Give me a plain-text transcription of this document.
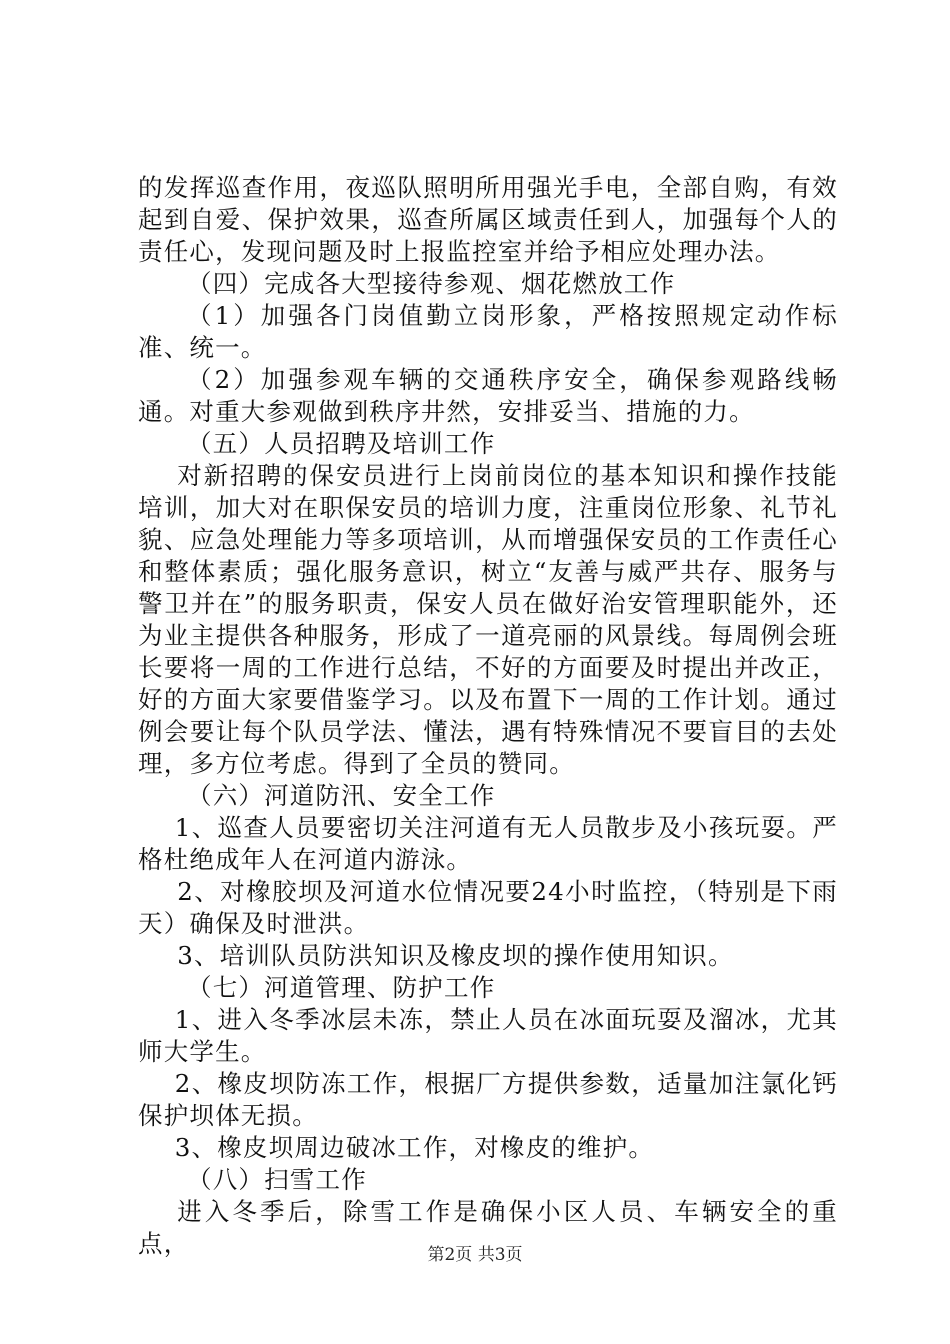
的发挥巡查作用，夜巡队照明所用强光手电，全部自购，有效起到自爱、保护效果，巡查所属区域责任到人，加强每个人的责任心，发现问题及时上报监控室并给予相应处理办法。

（四）完成各大型接待参观、烟花燃放工作

（1）加强各门岗值勤立岗形象，严格按照规定动作标准、统一。

（2）加强参观车辆的交通秩序安全，确保参观路线畅通。对重大参观做到秩序井然，安排妥当、措施的力。

（五）人员招聘及培训工作

对新招聘的保安员进行上岗前岗位的基本知识和操作技能培训，加大对在职保安员的培训力度，注重岗位形象、礼节礼貌、应急处理能力等多项培训，从而增强保安员的工作责任心和整体素质；强化服务意识，树立“友善与威严共存、服务与警卫并在”的服务职责，保安人员在做好治安管理职能外，还为业主提供各种服务，形成了一道亮丽的风景线。每周例会班长要将一周的工作进行总结，不好的方面要及时提出并改正，好的方面大家要借鉴学习。以及布置下一周的工作计划。通过例会要让每个队员学法、懂法，遇有特殊情况不要盲目的去处理，多方位考虑。得到了全员的赞同。

（六）河道防汛、安全工作

1、巡查人员要密切关注河道有无人员散步及小孩玩耍。严格杜绝成年人在河道内游泳。

2、对橡胶坝及河道水位情况要24小时监控，（特别是下雨天）确保及时泄洪。

3、培训队员防洪知识及橡皮坝的操作使用知识。

（七）河道管理、防护工作

1、进入冬季冰层未冻，禁止人员在冰面玩耍及溜冰，尤其师大学生。

2、橡皮坝防冻工作，根据厂方提供参数，适量加注氯化钙保护坝体无损。

3、橡皮坝周边破冰工作，对橡皮的维护。

（八）扫雪工作

进入冬季后，除雪工作是确保小区人员、车辆安全的重点，	第2页 共3页
